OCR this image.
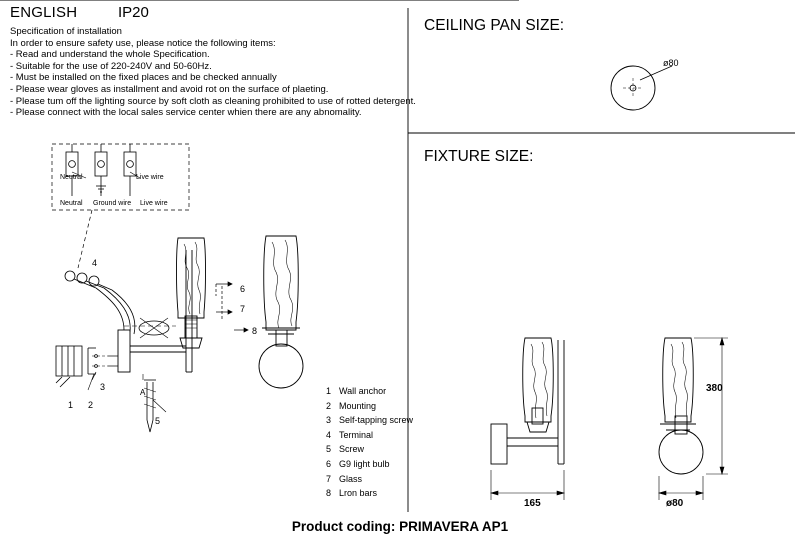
ENGLISH	IP20
Specification of installation
In order to ensure safety use, please notice the following items:
- Read and understand the whole Specification.
- Suitable for the use of 220-240V and 50-60Hz.
- Must be installed on the fixed places and be checked annually
- Please wear gloves as installment and avoid rot on the surface of plaeting.
- Please tum off the lighting source by soft cloth as cleaning prohibited to use of rotted detergent.
- Please connect with the local sales service center whien there are any abnomality.
CEILING PAN SIZE:
FIXTURE SIZE:
ø80
380
165	ø80
Neutral	Live wire
Neutral Ground wire Live wire
1 2
3
4
5
6
7
8
A	1 Wall anchor
2 Mounting
3 Self-tapping screw
4 Terminal
5 Screw
6 G9 light bulb
7 Glass
8 Lron bars
Product coding: PRIMAVERA AP1
